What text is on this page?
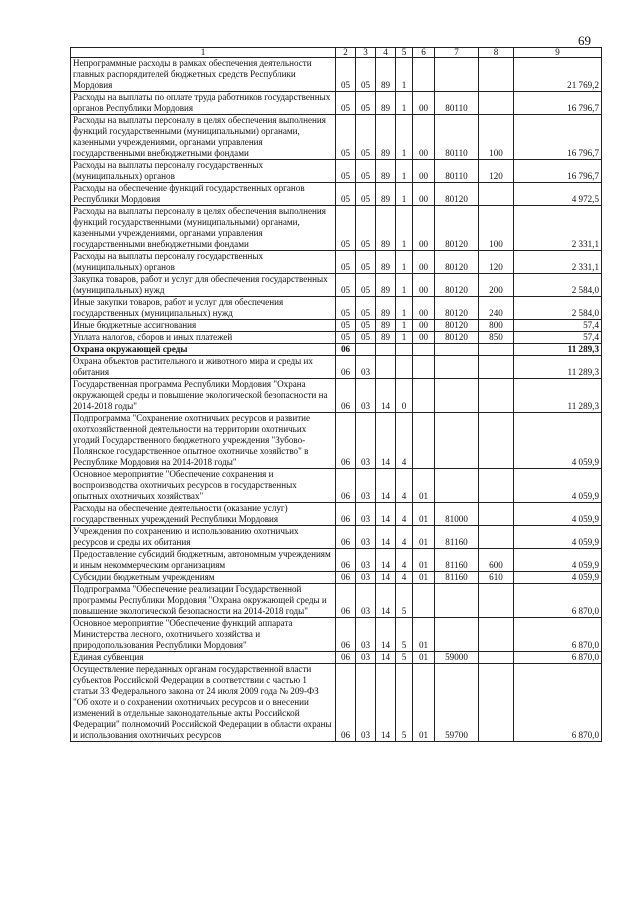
69
1	2	3	4	5	6	7	8	9
Непрограммные расходы в рамках обеспечения деятельности главных распорядителей бюджетных средств Республики Мордовия	05	05	89	1				21 769,2
Расходы на выплаты по оплате труда работников государственных органов Республики Мордовия	05	05	89	1	00	80110		16 796,7
Расходы на выплаты персоналу в целях обеспечения выполнения функций государственными (муниципальными) органами, казенными учреждениями, органами управления государственными внебюджетными фондами	05	05	89	1	00	80110	100	16 796,7
Расходы на выплаты персоналу государственных (муниципальных) органов	05	05	89	1	00	80110	120	16 796,7
Расходы на обеспечение функций государственных органов Республики Мордовия	05	05	89	1	00	80120		4 972,5
Расходы на выплаты персоналу в целях обеспечения выполнения функций государственными (муниципальными) органами, казенными учреждениями, органами управления государственными внебюджетными фондами	05	05	89	1	00	80120	100	2 331,1
Расходы на выплаты персоналу государственных (муниципальных) органов	05	05	89	1	00	80120	120	2 331,1
Закупка товаров, работ и услуг для обеспечения государственных (муниципальных) нужд	05	05	89	1	00	80120	200	2 584,0
Иные закупки товаров, работ и услуг для обеспечения государственных (муниципальных) нужд	05	05	89	1	00	80120	240	2 584,0
Иные бюджетные ассигнования	05	05	89	1	00	80120	800	57,4
Уплата налогов, сборов и иных платежей	05	05	89	1	00	80120	850	57,4
Охрана окружающей среды	06							11 289,3
Охрана объектов растительного и животного мира и среды их обитания	06	03						11 289,3
Государственная программа Республики Мордовия "Охрана окружающей среды и повышение экологической безопасности на 2014-2018 годы"	06	03	14	0				11 289,3
Подпрограмма "Сохранение охотничьих ресурсов и развитие охотхозяйственной деятельности на территории охотничьих угодий Государственного бюджетного учреждения "Зубово-Полянское государственное опытное охотничье хозяйство" в Республике Мордовия на 2014-2018 годы"	06	03	14	4				4 059,9
Основное мероприятие "Обеспечение сохранения и воспроизводства охотничьих ресурсов в государственных опытных охотничьих хозяйствах"	06	03	14	4	01			4 059,9
Расходы на обеспечение деятельности (оказание услуг) государственных учреждений Республики Мордовия	06	03	14	4	01	81000		4 059,9
Учреждения по сохранению и использованию охотничьих ресурсов и среды их обитания	06	03	14	4	01	81160		4 059,9
Предоставление субсидий бюджетным, автономным учреждениям и иным некоммерческим организациям	06	03	14	4	01	81160	600	4 059,9
Субсидии бюджетным учреждениям	06	03	14	4	01	81160	610	4 059,9
Подпрограмма "Обеспечение реализации Государственной программы Республики Мордовия "Охрана окружающей среды и повышение экологической безопасности на 2014-2018 годы"	06	03	14	5				6 870,0
Основное мероприятие "Обеспечение функций аппарата Министерства лесного, охотничьего хозяйства и природопользования Республики Мордовия"	06	03	14	5	01			6 870,0
Единая субвенция	06	03	14	5	01	59000		6 870,0
Осуществление переданных органам государственной власти субъектов Российской Федерации в соответствии с частью 1 статьи 33 Федерального закона от 24 июля 2009 года № 209-ФЗ "Об охоте и о сохранении охотничьих ресурсов и о внесении изменений в отдельные законодательные акты Российской Федерации" полномочий Российской Федерации в области охраны и использования охотничьих ресурсов	06	03	14	5	01	59700		6 870,0
